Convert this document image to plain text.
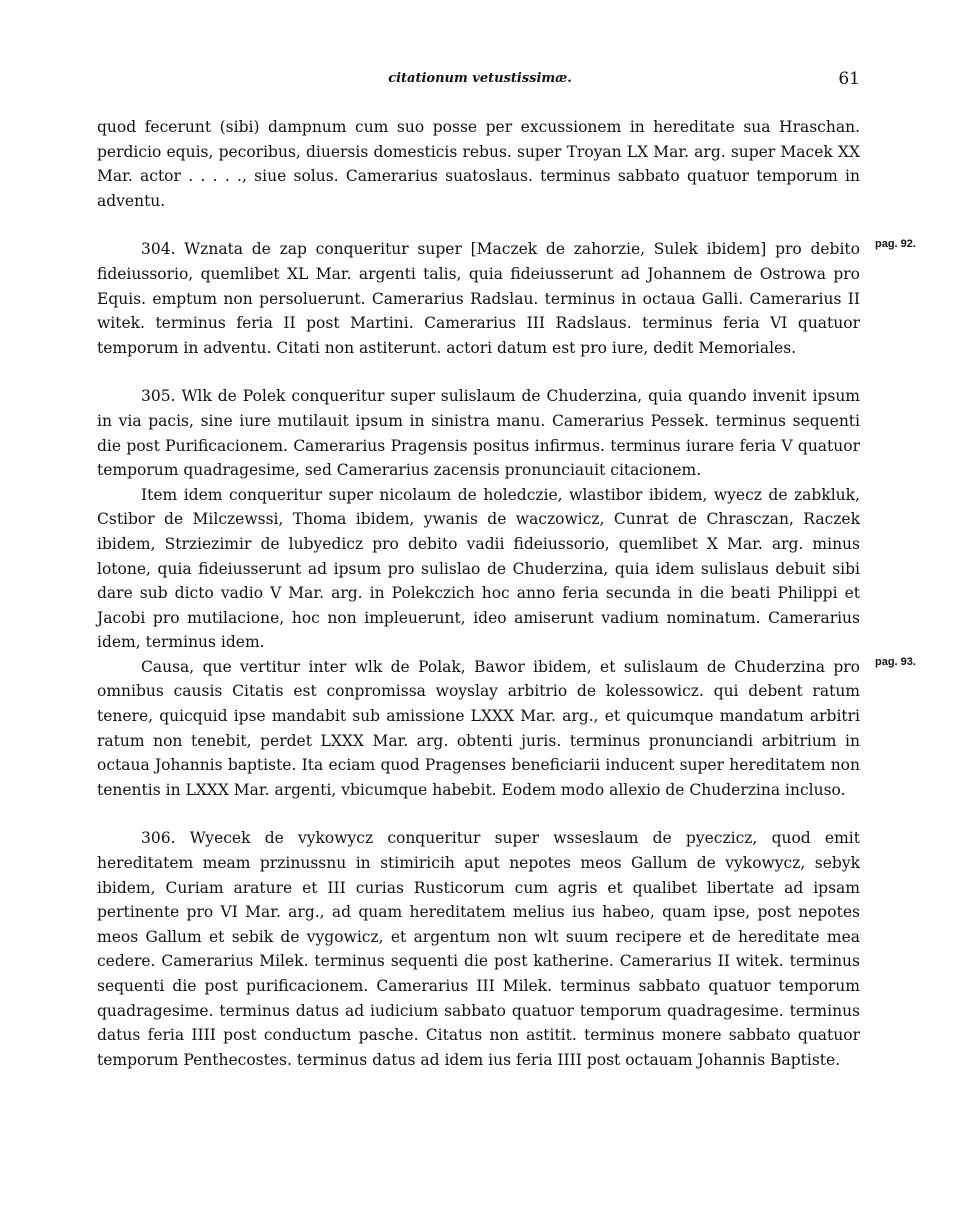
citationum vetustissimæ.	61

quod fecerunt (sibi) dampnum cum suo posse per excussionem in hereditate sua Hraschan. perdicio equis, pecoribus, diuersis domesticis rebus. super Troyan LX Mar. arg. super Macek XX Mar. actor . . . . ., siue solus. Camerarius suatoslaus. terminus sabbato quatuor temporum in adventu.

pag. 92.
304. Wznata de zap conqueritur super [Maczek de zahorzie, Sulek ibidem] pro debito fideiussorio, quemlibet XL Mar. argenti talis, quia fideiusserunt ad Johannem de Ostrowa pro Equis. emptum non persoluerunt. Camerarius Radslau. terminus in octaua Galli. Camerarius II witek. terminus feria II post Martini. Camerarius III Radslaus. terminus feria VI quatuor temporum in adventu. Citati non astiterunt. actori datum est pro iure, dedit Memoriales.

305. Wlk de Polek conqueritur super sulislaum de Chuderzina, quia quando invenit ipsum in via pacis, sine iure mutilauit ipsum in sinistra manu. Camerarius Pessek. terminus sequenti die post Purificacionem. Camerarius Pragensis positus infirmus. terminus iurare feria V quatuor temporum quadragesime, sed Camerarius zacensis pronunciauit citacionem.

Item idem conqueritur super nicolaum de holedczie, wlastibor ibidem, wyecz de zabkluk, Cstibor de Milczewssi, Thoma ibidem, ywanis de waczowicz, Cunrat de Chrasczan, Raczek ibidem, Strziezimir de lubyedicz pro debito vadii fideiussorio, quemlibet X Mar. arg. minus lotone, quia fideiusserunt ad ipsum pro sulislao de Chuderzina, quia idem sulislaus debuit sibi dare sub dicto vadio V Mar. arg. in Polekczich hoc anno feria secunda in die beati Philippi et Jacobi pro mutilacione, hoc non impleuerunt, ideo amiserunt vadium nominatum. Camerarius idem, terminus idem.

pag. 93.
Causa, que vertitur inter wlk de Polak, Bawor ibidem, et sulislaum de Chuderzina pro omnibus causis Citatis est conpromissa woyslay arbitrio de kolessowicz. qui debent ratum tenere, quicquid ipse mandabit sub amissione LXXX Mar. arg., et quicumque mandatum arbitri ratum non tenebit, perdet LXXX Mar. arg. obtenti juris. terminus pronunciandi arbitrium in octaua Johannis baptiste. Ita eciam quod Pragenses beneficiarii inducent super hereditatem non tenentis in LXXX Mar. argenti, vbicumque habebit. Eodem modo allexio de Chuderzina incluso.

306. Wyecek de vykowycz conqueritur super wsseslaum de pyeczicz, quod emit hereditatem meam przinussnu in stimiricih aput nepotes meos Gallum de vykowycz, sebyk ibidem, Curiam arature et III curias Rusticorum cum agris et qualibet libertate ad ipsam pertinente pro VI Mar. arg., ad quam hereditatem melius ius habeo, quam ipse, post nepotes meos Gallum et sebik de vygowicz, et argentum non wlt suum recipere et de hereditate mea cedere. Camerarius Milek. terminus sequenti die post katherine. Camerarius II witek. terminus sequenti die post purificacionem. Camerarius III Milek. terminus sabbato quatuor temporum quadragesime. terminus datus ad iudicium sabbato quatuor temporum quadragesime. terminus datus feria IIII post conductum pasche. Citatus non astitit. terminus monere sabbato quatuor temporum Penthecostes. terminus datus ad idem ius feria IIII post octauam Johannis Baptiste.
